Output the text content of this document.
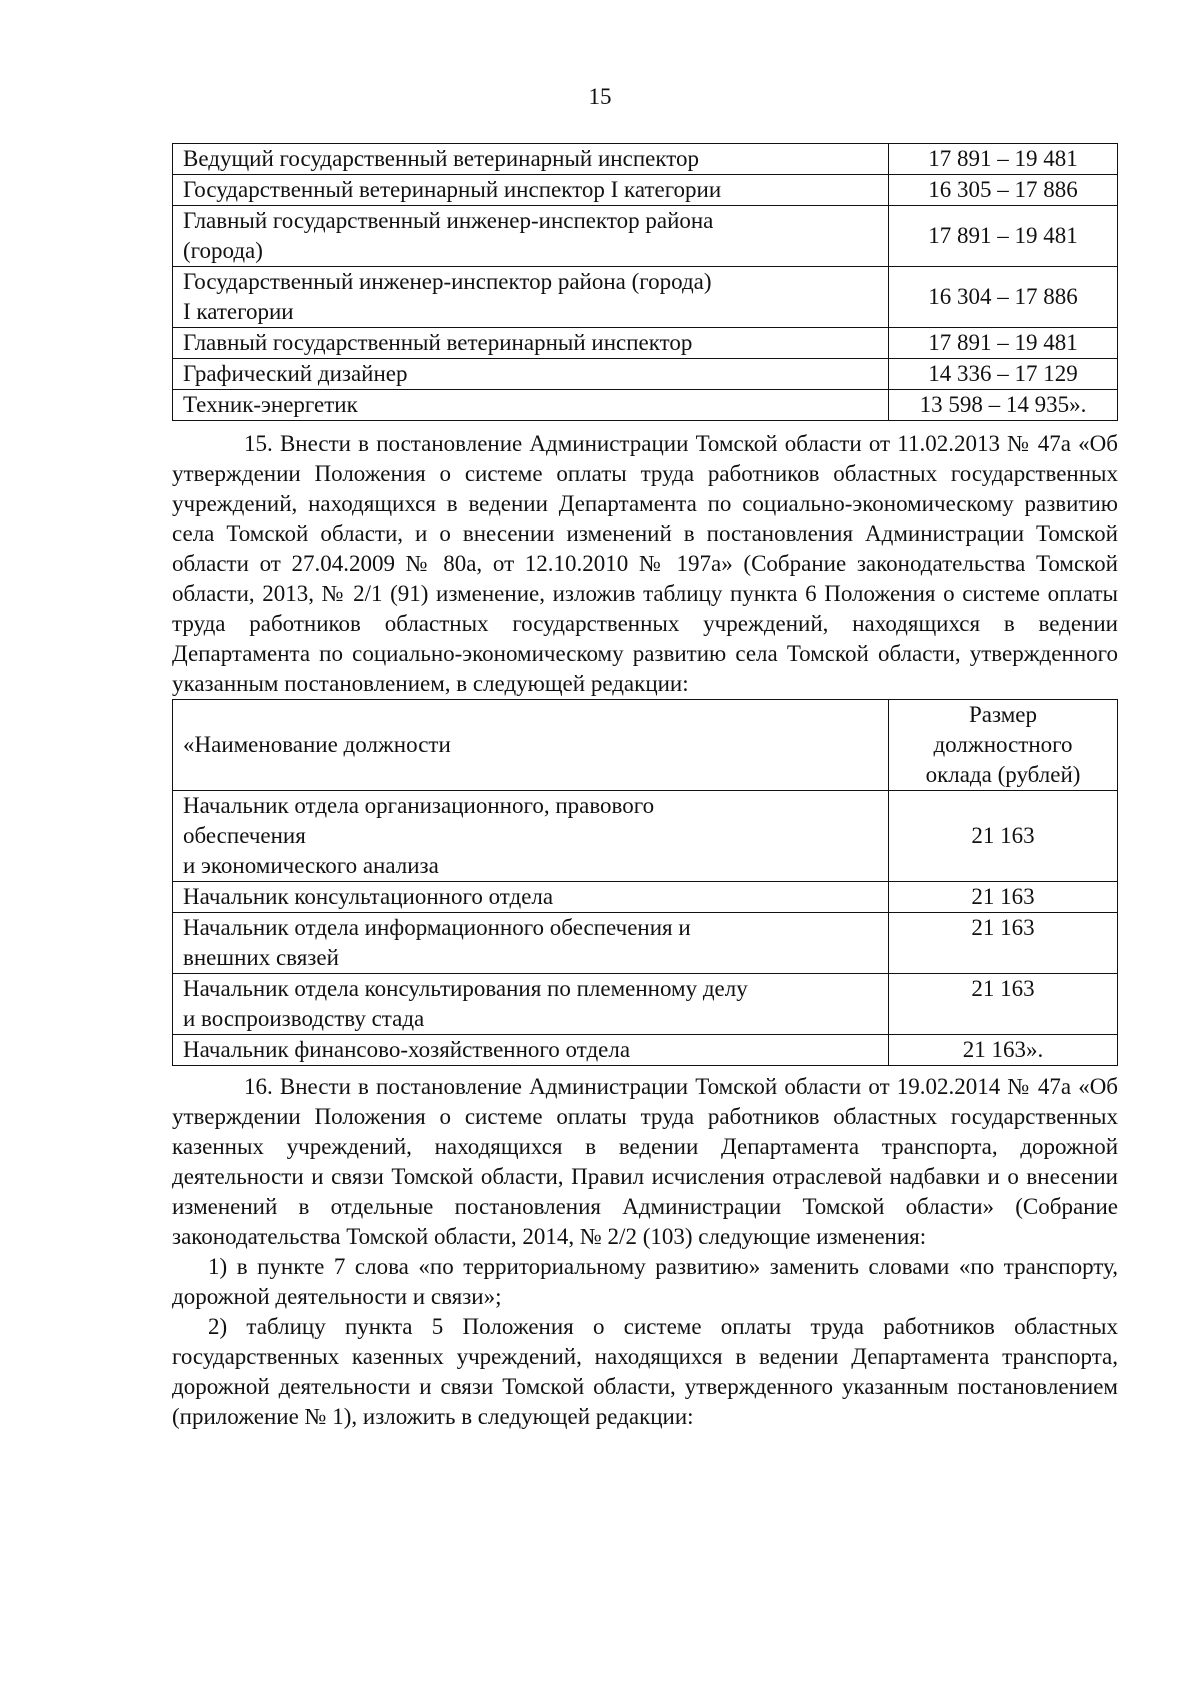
15
Ведущий государственный ветеринарный инспектор	17 891 – 19 481
Государственный ветеринарный инспектор I категории	16 305 – 17 886
Главный государственный инженер-инспектор района
(города)	17 891 – 19 481
Государственный инженер-инспектор района (города)
I категории	16 304 – 17 886
Главный государственный ветеринарный инспектор	17 891 – 19 481
Графический дизайнер	14 336 – 17 129
Техник-энергетик	13 598 – 14 935».

15. Внести в постановление Администрации Томской области от 11.02.2013 № 47а «Об утверждении Положения о системе оплаты труда работников областных государственных учреждений, находящихся в ведении Департамента по социально-экономическому развитию села Томской области, и о внесении изменений в постановления Администрации Томской области от 27.04.2009 № 80а, от 12.10.2010 № 197а» (Собрание законодательства Томской области, 2013, № 2/1 (91) изменение, изложив таблицу пункта 6 Положения о системе оплаты труда работников областных государственных учреждений, находящихся в ведении Департамента по социально-экономическому развитию села Томской области, утвержденного указанным постановлением, в следующей редакции:

«Наименование должности	Размер
должностного
оклада (рублей)
Начальник отдела организационного, правового
обеспечения
и экономического анализа	21 163
Начальник консультационного отдела	21 163
Начальник отдела информационного обеспечения и
внешних связей	21 163
Начальник отдела консультирования по племенному делу
и воспроизводству стада	21 163
Начальник финансово-хозяйственного отдела	21 163».

16. Внести в постановление Администрации Томской области от 19.02.2014 № 47а «Об утверждении Положения о системе оплаты труда работников областных государственных казенных учреждений, находящихся в ведении Департамента транспорта, дорожной деятельности и связи Томской области, Правил исчисления отраслевой надбавки и о внесении изменений в отдельные постановления Администрации Томской области» (Собрание законодательства Томской области, 2014, № 2/2 (103) следующие изменения:

1) в пункте 7 слова «по территориальному развитию» заменить словами «по транспорту, дорожной деятельности и связи»;

2) таблицу пункта 5 Положения о системе оплаты труда работников областных государственных казенных учреждений, находящихся в ведении Департамента транспорта, дорожной деятельности и связи Томской области, утвержденного указанным постановлением (приложение № 1), изложить в следующей редакции:
